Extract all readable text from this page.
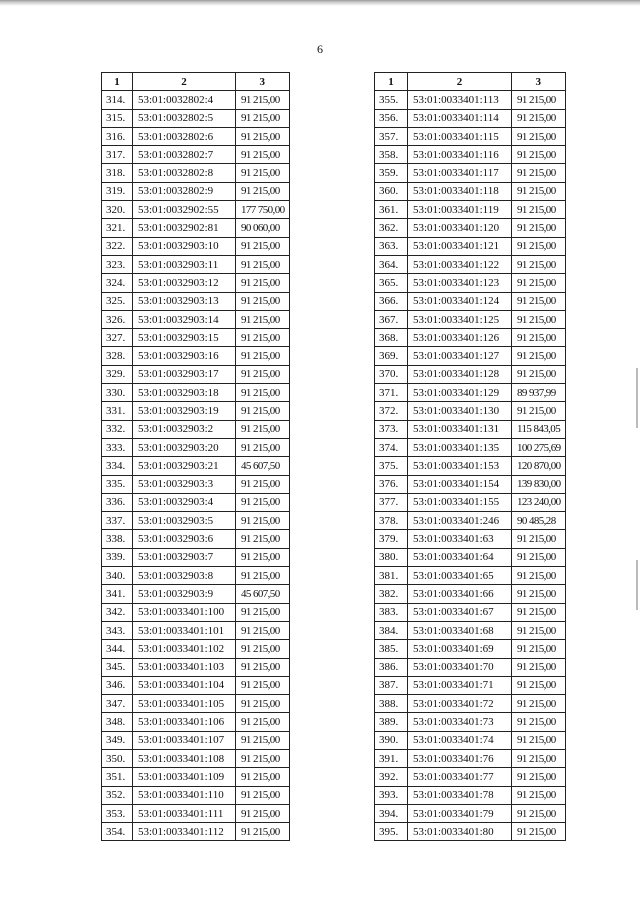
6
1	2	3
314.	53:01:0032802:4	91 215,00
315.	53:01:0032802:5	91 215,00
316.	53:01:0032802:6	91 215,00
317.	53:01:0032802:7	91 215,00
318.	53:01:0032802:8	91 215,00
319.	53:01:0032802:9	91 215,00
320.	53:01:0032902:55	177 750,00
321.	53:01:0032902:81	90 060,00
322.	53:01:0032903:10	91 215,00
323.	53:01:0032903:11	91 215,00
324.	53:01:0032903:12	91 215,00
325.	53:01:0032903:13	91 215,00
326.	53:01:0032903:14	91 215,00
327.	53:01:0032903:15	91 215,00
328.	53:01:0032903:16	91 215,00
329.	53:01:0032903:17	91 215,00
330.	53:01:0032903:18	91 215,00
331.	53:01:0032903:19	91 215,00
332.	53:01:0032903:2	91 215,00
333.	53:01:0032903:20	91 215,00
334.	53:01:0032903:21	45 607,50
335.	53:01:0032903:3	91 215,00
336.	53:01:0032903:4	91 215,00
337.	53:01:0032903:5	91 215,00
338.	53:01:0032903:6	91 215,00
339.	53:01:0032903:7	91 215,00
340.	53:01:0032903:8	91 215,00
341.	53:01:0032903:9	45 607,50
342.	53:01:0033401:100	91 215,00
343.	53:01:0033401:101	91 215,00
344.	53:01:0033401:102	91 215,00
345.	53:01:0033401:103	91 215,00
346.	53:01:0033401:104	91 215,00
347.	53:01:0033401:105	91 215,00
348.	53:01:0033401:106	91 215,00
349.	53:01:0033401:107	91 215,00
350.	53:01:0033401:108	91 215,00
351.	53:01:0033401:109	91 215,00
352.	53:01:0033401:110	91 215,00
353.	53:01:0033401:111	91 215,00
354.	53:01:0033401:112	91 215,00
1	2	3
355.	53:01:0033401:113	91 215,00
356.	53:01:0033401:114	91 215,00
357.	53:01:0033401:115	91 215,00
358.	53:01:0033401:116	91 215,00
359.	53:01:0033401:117	91 215,00
360.	53:01:0033401:118	91 215,00
361.	53:01:0033401:119	91 215,00
362.	53:01:0033401:120	91 215,00
363.	53:01:0033401:121	91 215,00
364.	53:01:0033401:122	91 215,00
365.	53:01:0033401:123	91 215,00
366.	53:01:0033401:124	91 215,00
367.	53:01:0033401:125	91 215,00
368.	53:01:0033401:126	91 215,00
369.	53:01:0033401:127	91 215,00
370.	53:01:0033401:128	91 215,00
371.	53:01:0033401:129	89 937,99
372.	53:01:0033401:130	91 215,00
373.	53:01:0033401:131	115 843,05
374.	53:01:0033401:135	100 275,69
375.	53:01:0033401:153	120 870,00
376.	53:01:0033401:154	139 830,00
377.	53:01:0033401:155	123 240,00
378.	53:01:0033401:246	90 485,28
379.	53:01:0033401:63	91 215,00
380.	53:01:0033401:64	91 215,00
381.	53:01:0033401:65	91 215,00
382.	53:01:0033401:66	91 215,00
383.	53:01:0033401:67	91 215,00
384.	53:01:0033401:68	91 215,00
385.	53:01:0033401:69	91 215,00
386.	53:01:0033401:70	91 215,00
387.	53:01:0033401:71	91 215,00
388.	53:01:0033401:72	91 215,00
389.	53:01:0033401:73	91 215,00
390.	53:01:0033401:74	91 215,00
391.	53:01:0033401:76	91 215,00
392.	53:01:0033401:77	91 215,00
393.	53:01:0033401:78	91 215,00
394.	53:01:0033401:79	91 215,00
395.	53:01:0033401:80	91 215,00
